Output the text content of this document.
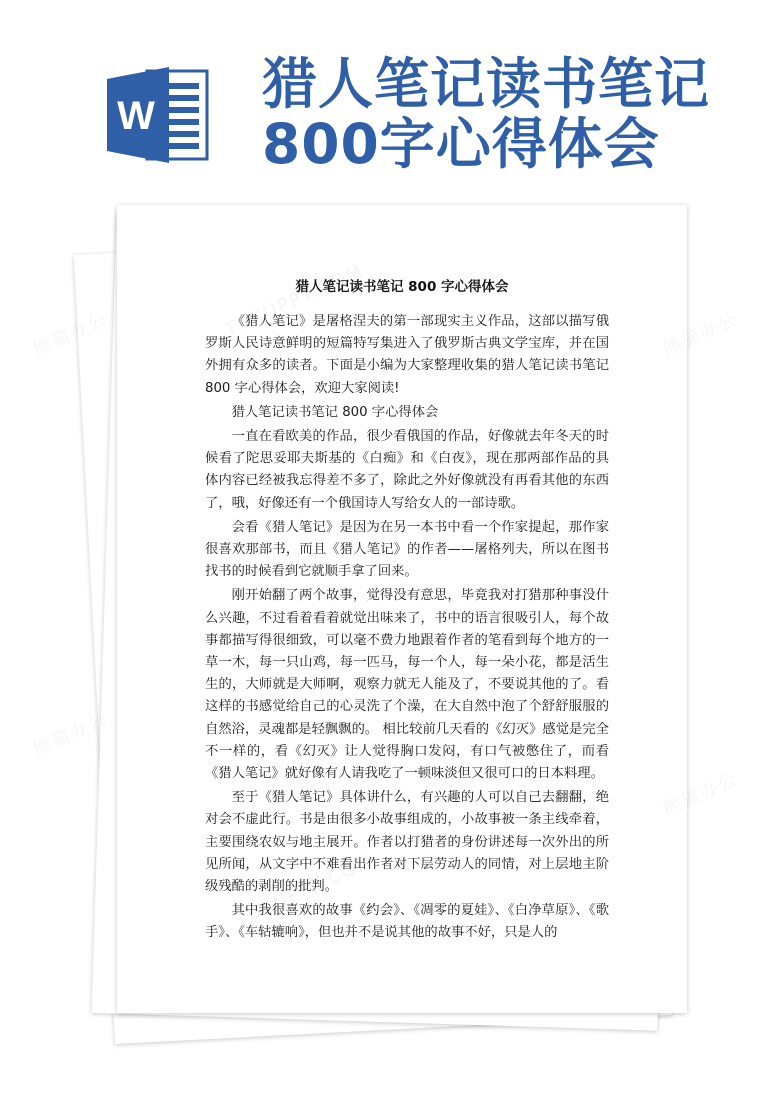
W 猎人笔记读书笔记
800字心得体会
猎人笔记读书笔记 800 字心得体会

《猎人笔记》是屠格涅夫的第一部现实主义作品，这部以描写俄罗斯人民诗意鲜明的短篇特写集进入了俄罗斯古典文学宝库，并在国外拥有众多的读者。下面是小编为大家整理收集的猎人笔记读书笔记 800 字心得体会，欢迎大家阅读!

猎人笔记读书笔记 800 字心得体会

一直在看欧美的作品，很少看俄国的作品，好像就去年冬天的时候看了陀思妥耶夫斯基的《白痴》和《白夜》，现在那两部作品的具体内容已经被我忘得差不多了，除此之外好像就没有再看其他的东西了，哦，好像还有一个俄国诗人写给女人的一部诗歌。

会看《猎人笔记》是因为在另一本书中看一个作家提起，那作家很喜欢那部书，而且《猎人笔记》的作者——屠格列夫，所以在图书找书的时候看到它就顺手拿了回来。

刚开始翻了两个故事，觉得没有意思，毕竟我对打猎那种事没什么兴趣，不过看着看着就觉出味来了，书中的语言很吸引人，每个故事都描写得很细致，可以毫不费力地跟着作者的笔看到每个地方的一草一木，每一只山鸡，每一匹马，每一个人，每一朵小花，都是活生生的，大师就是大师啊，观察力就无人能及了，不要说其他的了。看这样的书感觉给自己的心灵洗了个澡，在大自然中泡了个舒舒服服的自然浴，灵魂都是轻飘飘的。 相比较前几天看的《幻灭》感觉是完全不一样的，看《幻灭》让人觉得胸口发闷，有口气被憋住了，而看《猎人笔记》就好像有人请我吃了一顿味淡但又很可口的日本料理。

至于《猎人笔记》具体讲什么，有兴趣的人可以自己去翻翻，绝对会不虚此行。书是由很多小故事组成的，小故事被一条主线牵着，主要围绕农奴与地主展开。作者以打猎者的身份讲述每一次外出的所见所闻，从文字中不难看出作者对下层劳动人的同情，对上层地主阶级残酷的剥削的批判。

其中我很喜欢的故事《约会》、《凋零的夏娃》、《白净草原》、《歌手》、《车轱辘响》，但也并不是说其他的故事不好，只是人的
